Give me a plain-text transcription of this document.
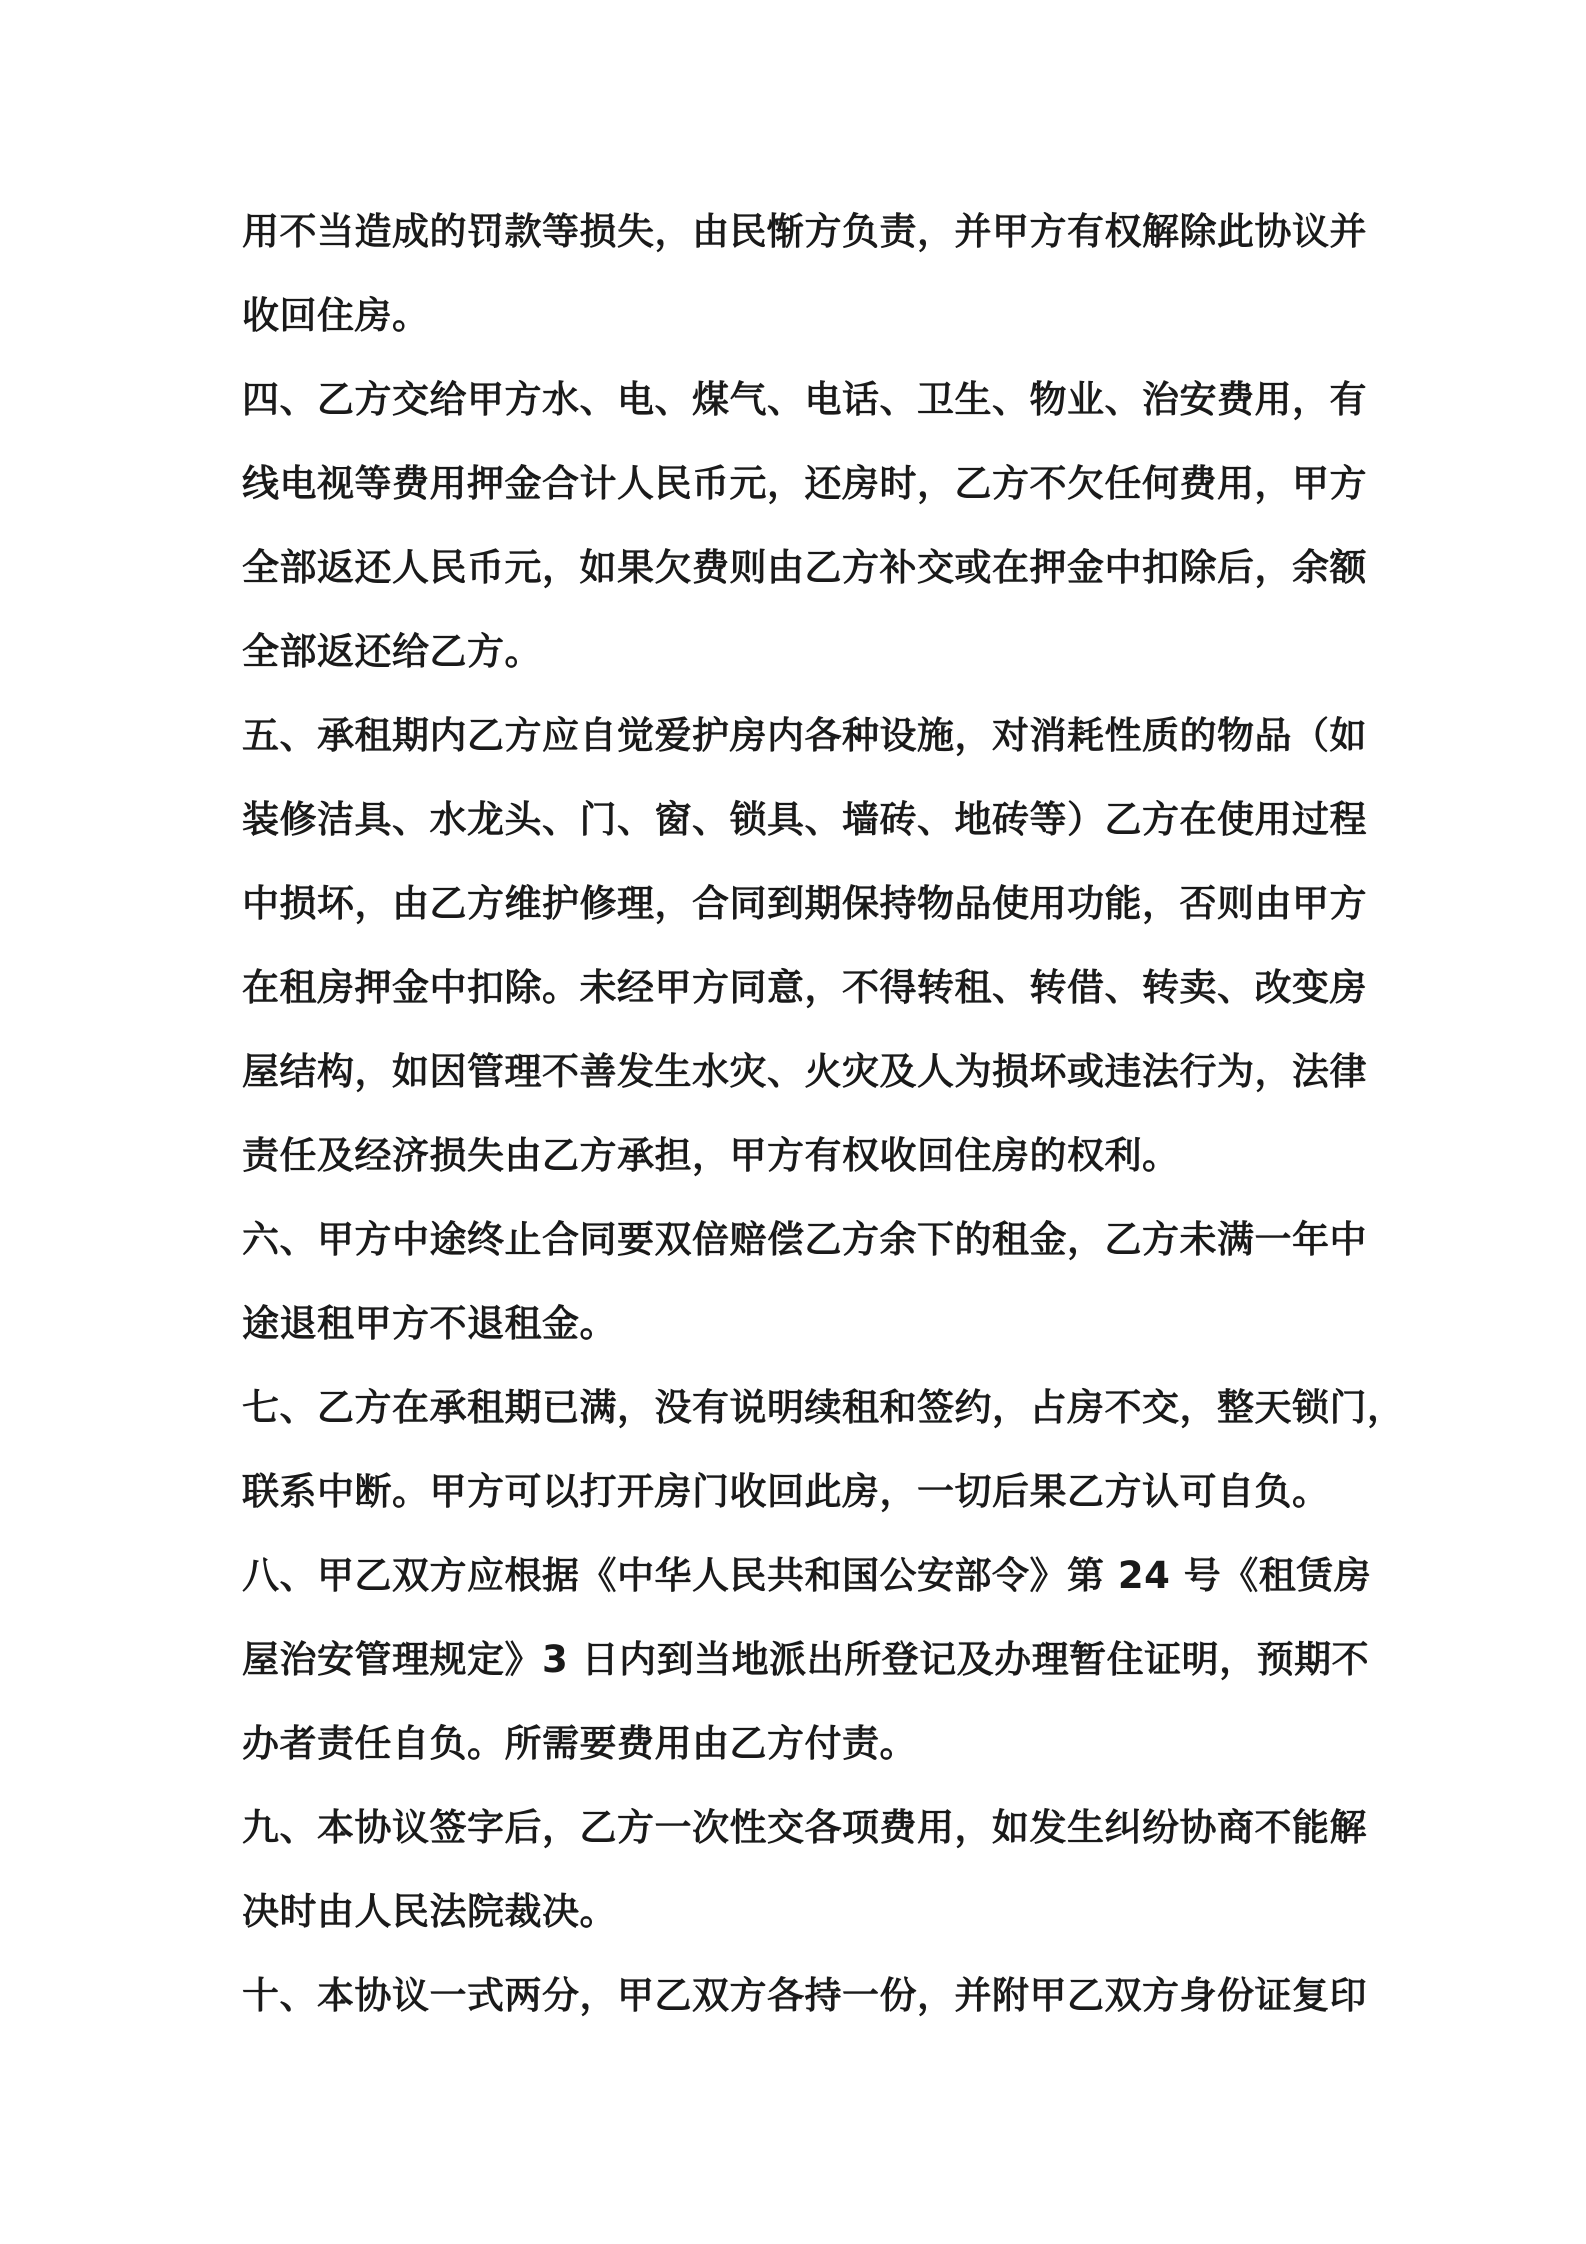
用不当造成的罚款等损失，由民惭方负责，并甲方有权解除此协议并
收回住房。
四、乙方交给甲方水、电、煤气、电话、卫生、物业、治安费用，有
线电视等费用押金合计人民币元，还房时，乙方不欠任何费用，甲方
全部返还人民币元，如果欠费则由乙方补交或在押金中扣除后，余额
全部返还给乙方。
五、承租期内乙方应自觉爱护房内各种设施，对消耗性质的物品（如
装修洁具、水龙头、门、窗、锁具、墙砖、地砖等）乙方在使用过程
中损坏，由乙方维护修理，合同到期保持物品使用功能，否则由甲方
在租房押金中扣除。未经甲方同意，不得转租、转借、转卖、改变房
屋结构，如因管理不善发生水灾、火灾及人为损坏或违法行为，法律
责任及经济损失由乙方承担，甲方有权收回住房的权利。
六、甲方中途终止合同要双倍赔偿乙方余下的租金，乙方未满一年中
途退租甲方不退租金。
七、乙方在承租期已满，没有说明续租和签约，占房不交，整天锁门，
联系中断。甲方可以打开房门收回此房，一切后果乙方认可自负。
八、甲乙双方应根据《中华人民共和国公安部令》第 24 号《租赁房
屋治安管理规定》3 日内到当地派出所登记及办理暂住证明，预期不
办者责任自负。所需要费用由乙方付责。
九、本协议签字后，乙方一次性交各项费用，如发生纠纷协商不能解
决时由人民法院裁决。
十、本协议一式两分，甲乙双方各持一份，并附甲乙双方身份证复印
